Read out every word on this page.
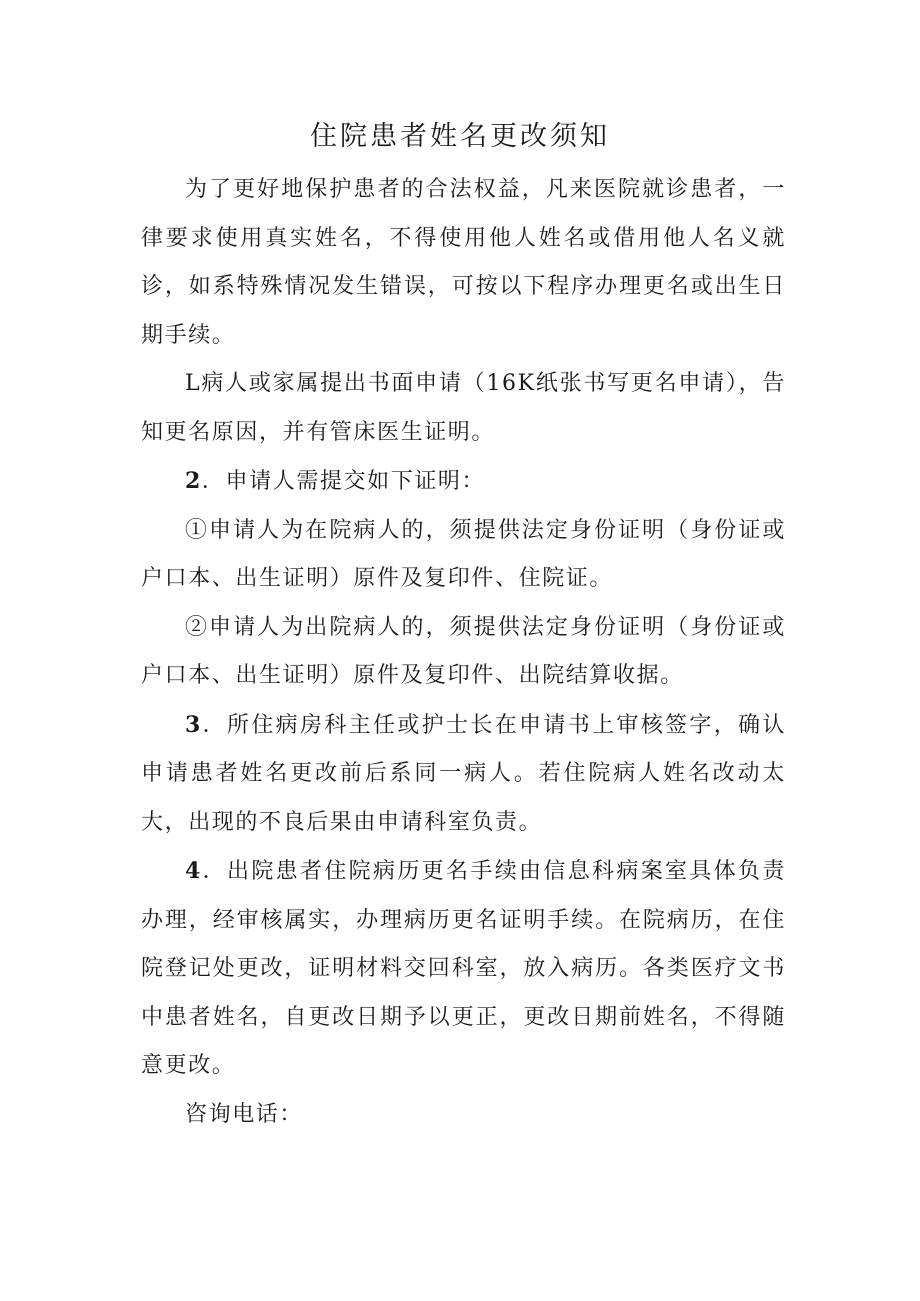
住院患者姓名更改须知

为了更好地保护患者的合法权益，凡来医院就诊患者，一律要求使用真实姓名，不得使用他人姓名或借用他人名义就诊，如系特殊情况发生错误，可按以下程序办理更名或出生日期手续。

L病人或家属提出书面申请（16K纸张书写更名申请），告知更名原因，并有管床医生证明。

2．申请人需提交如下证明：

①申请人为在院病人的，须提供法定身份证明（身份证或户口本、出生证明）原件及复印件、住院证。

②申请人为出院病人的，须提供法定身份证明（身份证或户口本、出生证明）原件及复印件、出院结算收据。

3．所住病房科主任或护士长在申请书上审核签字，确认申请患者姓名更改前后系同一病人。若住院病人姓名改动太大，出现的不良后果由申请科室负责。

4．出院患者住院病历更名手续由信息科病案室具体负责办理，经审核属实，办理病历更名证明手续。在院病历，在住院登记处更改，证明材料交回科室，放入病历。各类医疗文书中患者姓名，自更改日期予以更正，更改日期前姓名，不得随意更改。

咨询电话：
